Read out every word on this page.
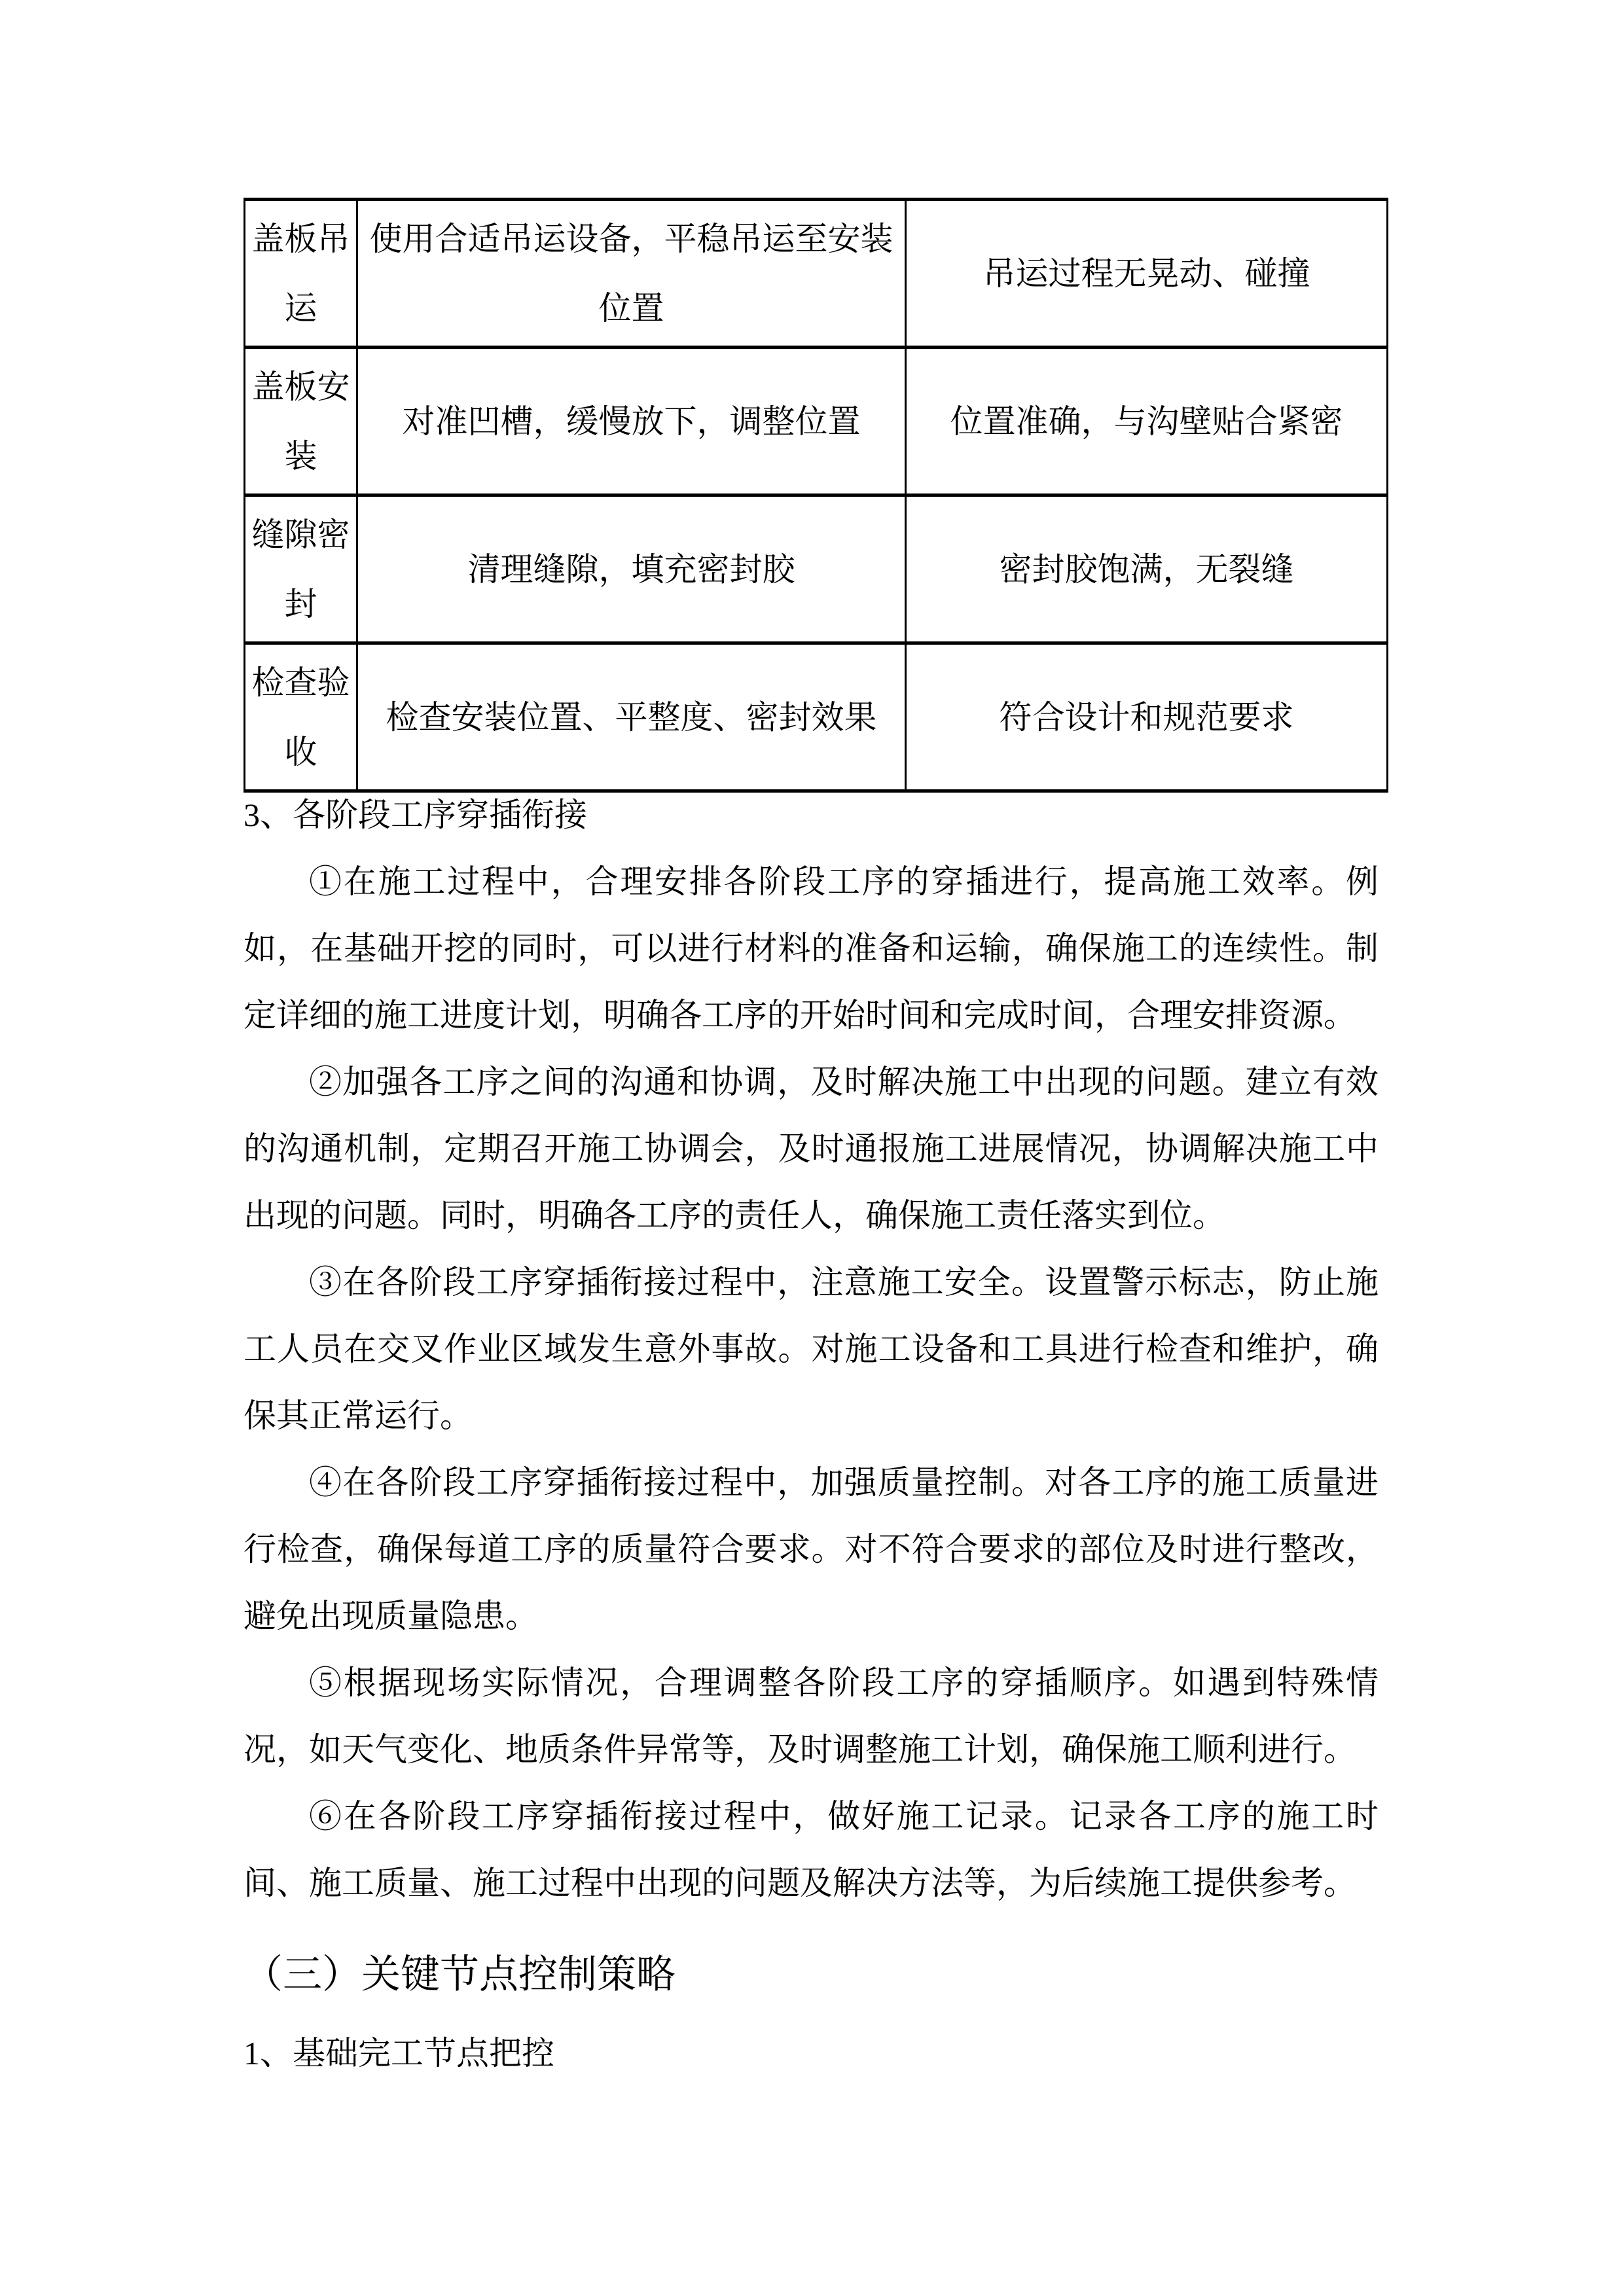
盖板吊运	使用合适吊运设备，平稳吊运至安装位置	吊运过程无晃动、碰撞
盖板安装	对准凹槽，缓慢放下，调整位置	位置准确，与沟壁贴合紧密
缝隙密封	清理缝隙，填充密封胶	密封胶饱满，无裂缝
检查验收	检查安装位置、平整度、密封效果	符合设计和规范要求

3、各阶段工序穿插衔接

①在施工过程中，合理安排各阶段工序的穿插进行，提高施工效率。例如，在基础开挖的同时，可以进行材料的准备和运输，确保施工的连续性。制定详细的施工进度计划，明确各工序的开始时间和完成时间，合理安排资源。

②加强各工序之间的沟通和协调，及时解决施工中出现的问题。建立有效的沟通机制，定期召开施工协调会，及时通报施工进展情况，协调解决施工中出现的问题。同时，明确各工序的责任人，确保施工责任落实到位。

③在各阶段工序穿插衔接过程中，注意施工安全。设置警示标志，防止施工人员在交叉作业区域发生意外事故。对施工设备和工具进行检查和维护，确保其正常运行。

④在各阶段工序穿插衔接过程中，加强质量控制。对各工序的施工质量进行检查，确保每道工序的质量符合要求。对不符合要求的部位及时进行整改，避免出现质量隐患。

⑤根据现场实际情况，合理调整各阶段工序的穿插顺序。如遇到特殊情况，如天气变化、地质条件异常等，及时调整施工计划，确保施工顺利进行。

⑥在各阶段工序穿插衔接过程中，做好施工记录。记录各工序的施工时间、施工质量、施工过程中出现的问题及解决方法等，为后续施工提供参考。

（三）关键节点控制策略

1、基础完工节点把控
